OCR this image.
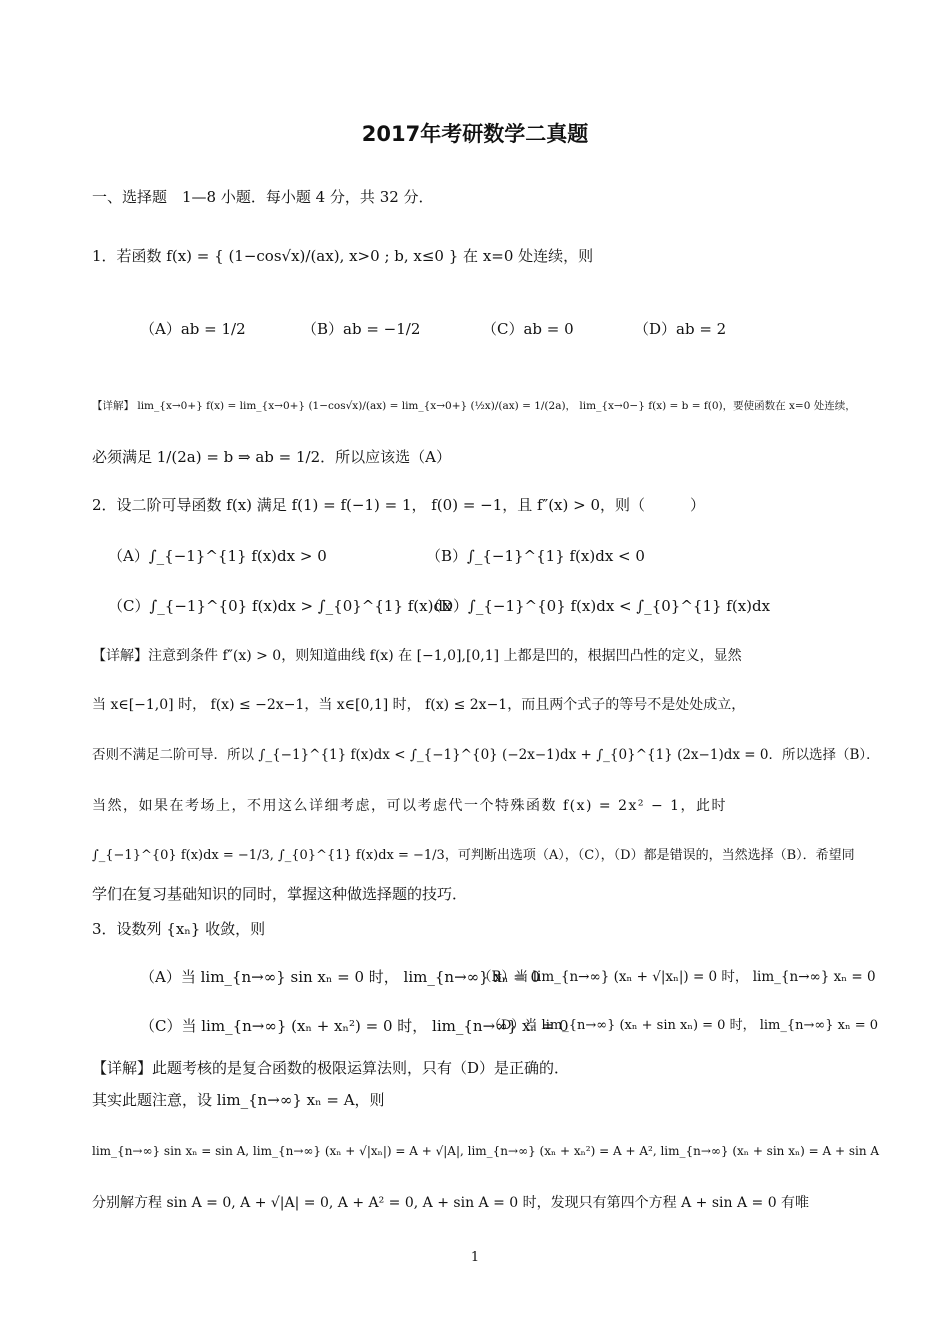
2017年考研数学二真题
一、选择题　1—8 小题．每小题 4 分，共 32 分．
1．若函数 f(x) = { (1−cos√x)/(ax), x>0 ; b, x≤0 } 在 x=0 处连续，则
（A）ab = 1/2	（B）ab = −1/2	（C）ab = 0	（D）ab = 2
【详解】 lim_{x→0+} f(x) = lim_{x→0+} (1−cos√x)/(ax) = lim_{x→0+} (½x)/(ax) = 1/(2a)， lim_{x→0−} f(x) = b = f(0)，要使函数在 x=0 处连续，
必须满足 1/(2a) = b ⇒ ab = 1/2．所以应该选（A）
2．设二阶可导函数 f(x) 满足 f(1) = f(−1) = 1， f(0) = −1，且 f″(x) > 0，则（　　　）
（A）∫_{−1}^{1} f(x)dx > 0	（B）∫_{−1}^{1} f(x)dx < 0
（C）∫_{−1}^{0} f(x)dx > ∫_{0}^{1} f(x)dx
（D）∫_{−1}^{0} f(x)dx < ∫_{0}^{1} f(x)dx
【详解】注意到条件 f″(x) > 0，则知道曲线 f(x) 在 [−1,0],[0,1] 上都是凹的，根据凹凸性的定义，显然
当 x∈[−1,0] 时， f(x) ≤ −2x−1，当 x∈[0,1] 时， f(x) ≤ 2x−1，而且两个式子的等号不是处处成立，
否则不满足二阶可导．所以 ∫_{−1}^{1} f(x)dx < ∫_{−1}^{0} (−2x−1)dx + ∫_{0}^{1} (2x−1)dx = 0．所以选择（B）．
当然，如果在考场上，不用这么详细考虑，可以考虑代一个特殊函数 f(x) = 2x² − 1，此时
∫_{−1}^{0} f(x)dx = −1/3, ∫_{0}^{1} f(x)dx = −1/3，可判断出选项（A），（C），（D）都是错误的，当然选择（B）．希望同
学们在复习基础知识的同时，掌握这种做选择题的技巧．
3．设数列 {xₙ} 收敛，则
（A）当 lim_{n→∞} sin xₙ = 0 时， lim_{n→∞} xₙ = 0
（B）当 lim_{n→∞} (xₙ + √|xₙ|) = 0 时， lim_{n→∞} xₙ = 0
（C）当 lim_{n→∞} (xₙ + xₙ²) = 0 时， lim_{n→∞} xₙ = 0
（D）当 lim_{n→∞} (xₙ + sin xₙ) = 0 时， lim_{n→∞} xₙ = 0
【详解】此题考核的是复合函数的极限运算法则，只有（D）是正确的．
其实此题注意，设 lim_{n→∞} xₙ = A，则
lim_{n→∞} sin xₙ = sin A, lim_{n→∞} (xₙ + √|xₙ|) = A + √|A|, lim_{n→∞} (xₙ + xₙ²) = A + A², lim_{n→∞} (xₙ + sin xₙ) = A + sin A
分别解方程 sin A = 0, A + √|A| = 0, A + A² = 0, A + sin A = 0 时，发现只有第四个方程 A + sin A = 0 有唯
1
